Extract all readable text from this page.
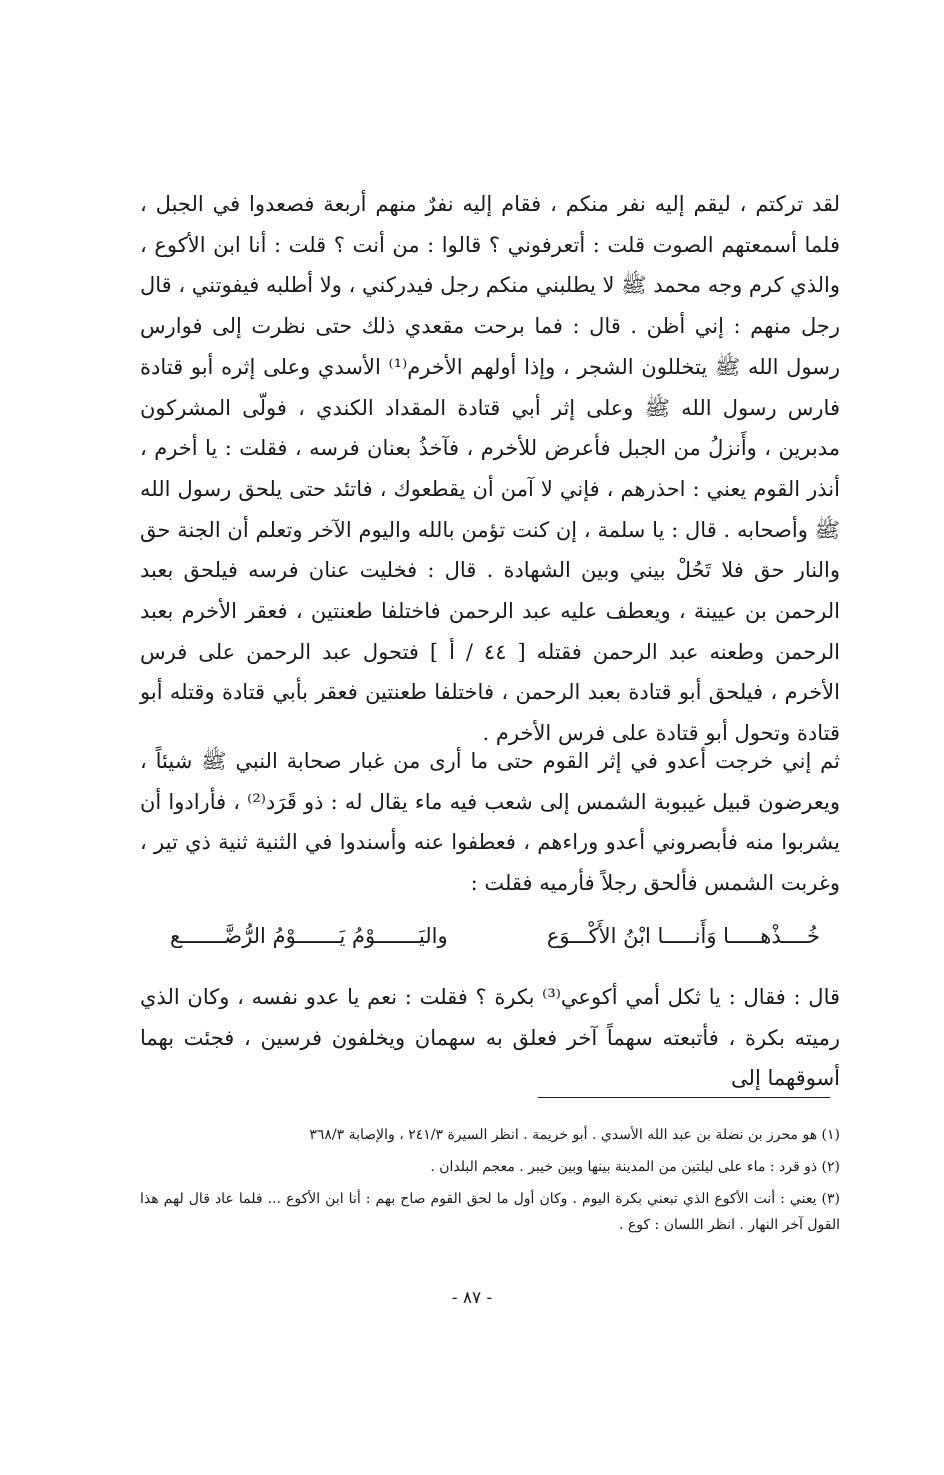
لقد تركتم ، ليقم إليه نفر منكم ، فقام إليه نفرٌ منهم أربعة فصعدوا في الجبل ، فلما أسمعتهم الصوت قلت : أتعرفوني ؟ قالوا : من أنت ؟ قلت : أنا ابن الأكوع ، والذي كرم وجه محمد ﷺ لا يطلبني منكم رجل فيدركني ، ولا أطلبه فيفوتني ، قال رجل منهم : إني أظن . قال : فما برحت مقعدي ذلك حتى نظرت إلى فوارس رسول الله ﷺ يتخللون الشجر ، وإذا أولهم الأخرم⁽¹⁾ الأسدي وعلى إثره أبو قتادة فارس رسول الله ﷺ وعلى إثر أبي قتادة المقداد الكندي ، فولّى المشركون مدبرين ، وأَنزلُ من الجبل فأعرض للأخرم ، فآخذُ بعنان فرسه ، فقلت : يا أخرم ، أنذر القوم يعني : احذرهم ، فإني لا آمن أن يقطعوك ، فاتئد حتى يلحق رسول الله ﷺ وأصحابه . قال : يا سلمة ، إن كنت تؤمن بالله واليوم الآخر وتعلم أن الجنة حق والنار حق فلا تَحُلْ بيني وبين الشهادة . قال : فخليت عنان فرسه فيلحق بعبد الرحمن بن عيينة ، ويعطف عليه عبد الرحمن فاختلفا طعنتين ، فعقر الأخرم بعبد الرحمن وطعنه عبد الرحمن فقتله [ ٤٤ / أ ] فتحول عبد الرحمن على فرس الأخرم ، فيلحق أبو قتادة بعبد الرحمن ، فاختلفا طعنتين فعقر بأبي قتادة وقتله أبو قتادة وتحول أبو قتادة على فرس الأخرم .

ثم إني خرجت أعدو في إثر القوم حتى ما أرى من غبار صحابة النبي ﷺ شيئاً ، ويعرضون قبيل غيبوبة الشمس إلى شعب فيه ماء يقال له : ذو قَرَد⁽²⁾ ، فأرادوا أن يشربوا منه فأبصروني أعدو وراءهم ، فعطفوا عنه وأسندوا في الثنية ثنية ذي تير ، وغربت الشمس فألحق رجلاً فأرميه فقلت :

خُــــذْهـــــا وَأَنـــــا ابْنُ الأَكْـــوَع
واليَـــــــوْمُ يَـــــــوْمُ الرُّضَّـــــــع

قال : فقال : يا ثكل أمي أكوعي⁽³⁾ بكرة ؟ فقلت : نعم يا عدو نفسه ، وكان الذي رميته بكرة ، فأتبعته سهماً آخر فعلق به سهمان ويخلفون فرسين ، فجئت بهما أسوقهما إلى

(١) هو محرز بن نضلة بن عبد الله الأسدي . أبو خريمة . انظر السيرة ٢٤١/٣ ، والإصابة ٣٦٨/٣

(٢) ذو قرد : ماء على ليلتين من المدينة بينها وبين خيبر . معجم البلدان .

(٣) يعني : أنت الأكوع الذي تبعني بكرة اليوم . وكان أول ما لحق القوم صاح بهم : أنا ابن الأكوع ... فلما عاد قال لهم هذا القول آخر النهار . انظر اللسان : كوع .

- ٨٧ -
